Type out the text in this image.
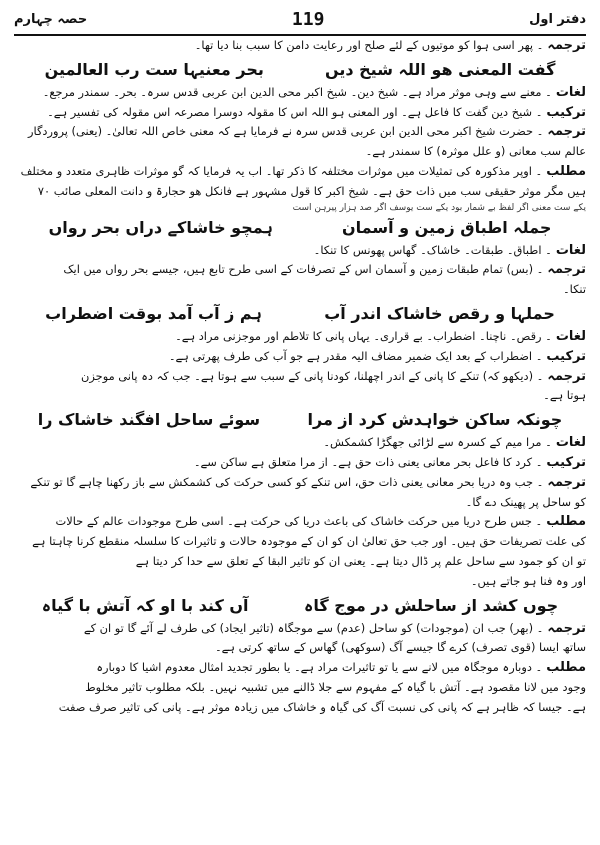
دفتر اول
119
حصہ چہارم
ترجمہ۔ پھر اسی ہوا کو موتیوں کے لئے صلح اور رعایت دامن کا سبب بنا دیا تھا۔
گفت المعنی ھو اللہ شیخ دیں
بحر معنیہا ست رب العالمین
لغات۔ معنے سے وہی موثر مراد ہے۔ شیخ دین۔ شیخ اکبر محی الدین ابن عربی قدس سرہ۔ بحر۔ سمندر مرجع۔
ترکیب۔ شیخ دین گفت کا فاعل ہے۔ اور المعنی ہو اللہ اس کا مقولہ دوسرا مصرعہ اس مقولہ کی تفسیر ہے۔
ترجمہ۔ حضرت شیخ اکبر محی الدین ابن عربی قدس سرہ نے فرمایا ہے کہ معنی خاص اللہ تعالیٰ۔ (یعنی) پروردگار
عالم سب معانی (و علل موثرہ) کا سمندر ہے۔
مطلب۔ اوپر مذکورہ کی تمثیلات میں موثرات مختلفہ کا ذکر تھا۔ اب یہ فرمایا کہ گو موثرات ظاہری متعدد و مختلف
ہیں مگر موثر حقیقی سب میں ذات حق ہے۔ شیخ اکبر کا قول مشہور ہے فانکل ھو حجارۃ و دانت المعلی صائب ۷۰
یکے ست معنی اگر لفظ بے شمار بود یکے ست یوسف اگر صد ہزار پیرہن است
جملہ اطباق زمین و آسمان
ہمچو خاشاکے دراں بحر رواں
لغات۔ اطباق۔ طبقات۔ خاشاک۔ گھاس پھونس کا تنکا۔
ترجمہ۔ (بس) تمام طبقات زمین و آسمان اس کے تصرفات کے اسی طرح تابع ہیں، جیسے بحر رواں میں ایک
تنکا۔
حملہا و رقص خاشاک اندر آب
ہم ز آب آمد بوقت اضطراب
لغات۔ رقص۔ ناچنا۔ اضطراب۔ بے قراری۔ یہاں پانی کا تلاطم اور موجزنی مراد ہے۔
ترکیب۔ اضطراب کے بعد ایک ضمیر مضاف الیہ مقدر ہے جو آب کی طرف پھرتی ہے۔
ترجمہ۔ (دیکھو کہ) تنکے کا پانی کے اندر اچھلنا، کودنا پانی کے سبب سے ہوتا ہے۔ جب کہ دہ پانی موجزن
ہوتا ہے۔
چونکہ ساکن خواہدش کرد از مرا
سوئے ساحل افگند خاشاک را
لغات۔ مرا میم کے کسرہ سے لڑائی جھگڑا کشمکش۔
ترکیب۔ کرد کا فاعل بحر معانی یعنی ذات حق ہے۔ از مرا متعلق ہے ساکن سے۔
ترجمہ۔ جب وہ دریا بحر معانی یعنی ذات حق، اس تنکے کو کسی حرکت کی کشمکش سے باز رکھنا چاہے گا تو تنکے
کو ساحل پر پھینک دے گا۔
مطلب۔ جس طرح دریا میں حرکت خاشاک کی باعث دریا کی حرکت ہے۔ اسی طرح موجودات عالم کے حالات
کی علت تصریفات حق ہیں۔ اور جب حق تعالیٰ ان کو ان کے موجودہ حالات و تاثیرات کا سلسلہ منقطع کرنا چاہتا ہے
تو ان کو جمود سے ساحل علم پر ڈال دیتا ہے۔ یعنی ان کو تاثیر البقا کے تعلق سے حدا کر دیتا ہے
اور وہ فنا ہو جاتے ہیں۔
چوں کشد از ساحلش در موج گاہ
آں کند با او کہ آتش با گیاہ
ترجمہ۔ (بھر) جب ان (موجودات) کو ساحل (عدم) سے موجگاہ (تاثیر ایجاد) کی طرف لے آئے گا تو ان کے
ساتھ ایسا (قوی تصرف) کرے گا جیسے آگ (سوکھی) گھاس کے ساتھ کرتی ہے۔
مطلب۔ دوبارہ موجگاہ میں لانے سے یا تو تاثیرات مراد ہے۔ یا بطور تجدید امثال معدوم اشیا کا دوبارہ
وجود میں لانا مقصود ہے۔ آتش با گیاہ کے مفہوم سے جلا ڈالنے میں تشبیہ نہیں۔ بلکہ مطلوب تاثیر مخلوط
ہے۔ جیسا کہ ظاہر ہے کہ پانی کی نسبت آگ کی گیاہ و خاشاک میں زیادہ موثر ہے۔ پانی کی تاثیر صرف صفت
